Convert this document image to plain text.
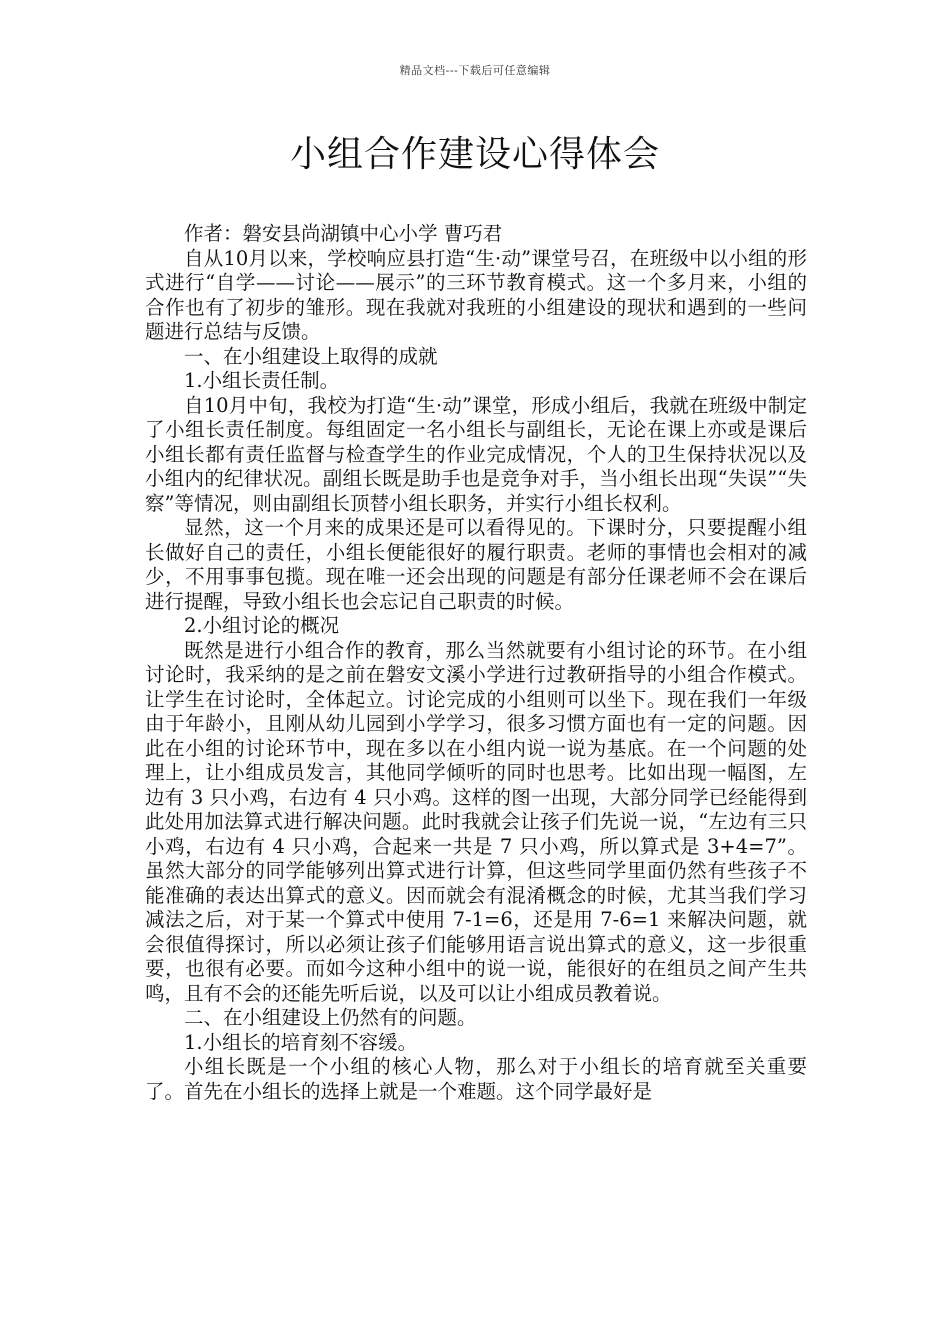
精品文档---下载后可任意编辑
小组合作建设心得体会

作者：磐安县尚湖镇中心小学 曹巧君

自从10月以来，学校响应县打造“生·动”课堂号召，在班级中以小组的形式进行“自学——讨论——展示”的三环节教育模式。这一个多月来，小组的合作也有了初步的雏形。现在我就对我班的小组建设的现状和遇到的一些问题进行总结与反馈。

一、在小组建设上取得的成就

1.小组长责任制。

自10月中旬，我校为打造“生·动”课堂，形成小组后，我就在班级中制定了小组长责任制度。每组固定一名小组长与副组长，无论在课上亦或是课后小组长都有责任监督与检查学生的作业完成情况，个人的卫生保持状况以及小组内的纪律状况。副组长既是助手也是竞争对手，当小组长出现“失误”“失察”等情况，则由副组长顶替小组长职务，并实行小组长权利。

显然，这一个月来的成果还是可以看得见的。下课时分，只要提醒小组长做好自己的责任，小组长便能很好的履行职责。老师的事情也会相对的减少，不用事事包揽。现在唯一还会出现的问题是有部分任课老师不会在课后进行提醒，导致小组长也会忘记自己职责的时候。

2.小组讨论的概况

既然是进行小组合作的教育，那么当然就要有小组讨论的环节。在小组讨论时，我采纳的是之前在磐安文溪小学进行过教研指导的小组合作模式。让学生在讨论时，全体起立。讨论完成的小组则可以坐下。现在我们一年级由于年龄小，且刚从幼儿园到小学学习，很多习惯方面也有一定的问题。因此在小组的讨论环节中，现在多以在小组内说一说为基底。在一个问题的处理上，让小组成员发言，其他同学倾听的同时也思考。比如出现一幅图，左边有 3 只小鸡，右边有 4 只小鸡。这样的图一出现，大部分同学已经能得到此处用加法算式进行解决问题。此时我就会让孩子们先说一说，“左边有三只小鸡，右边有 4 只小鸡，合起来一共是 7 只小鸡，所以算式是 3+4=7”。虽然大部分的同学能够列出算式进行计算，但这些同学里面仍然有些孩子不能准确的表达出算式的意义。因而就会有混淆概念的时候，尤其当我们学习减法之后，对于某一个算式中使用 7-1=6，还是用 7-6=1 来解决问题，就会很值得探讨，所以必须让孩子们能够用语言说出算式的意义，这一步很重要，也很有必要。而如今这种小组中的说一说，能很好的在组员之间产生共鸣，且有不会的还能先听后说，以及可以让小组成员教着说。

二、在小组建设上仍然有的问题。

1.小组长的培育刻不容缓。

小组长既是一个小组的核心人物，那么对于小组长的培育就至关重要了。首先在小组长的选择上就是一个难题。这个同学最好是
